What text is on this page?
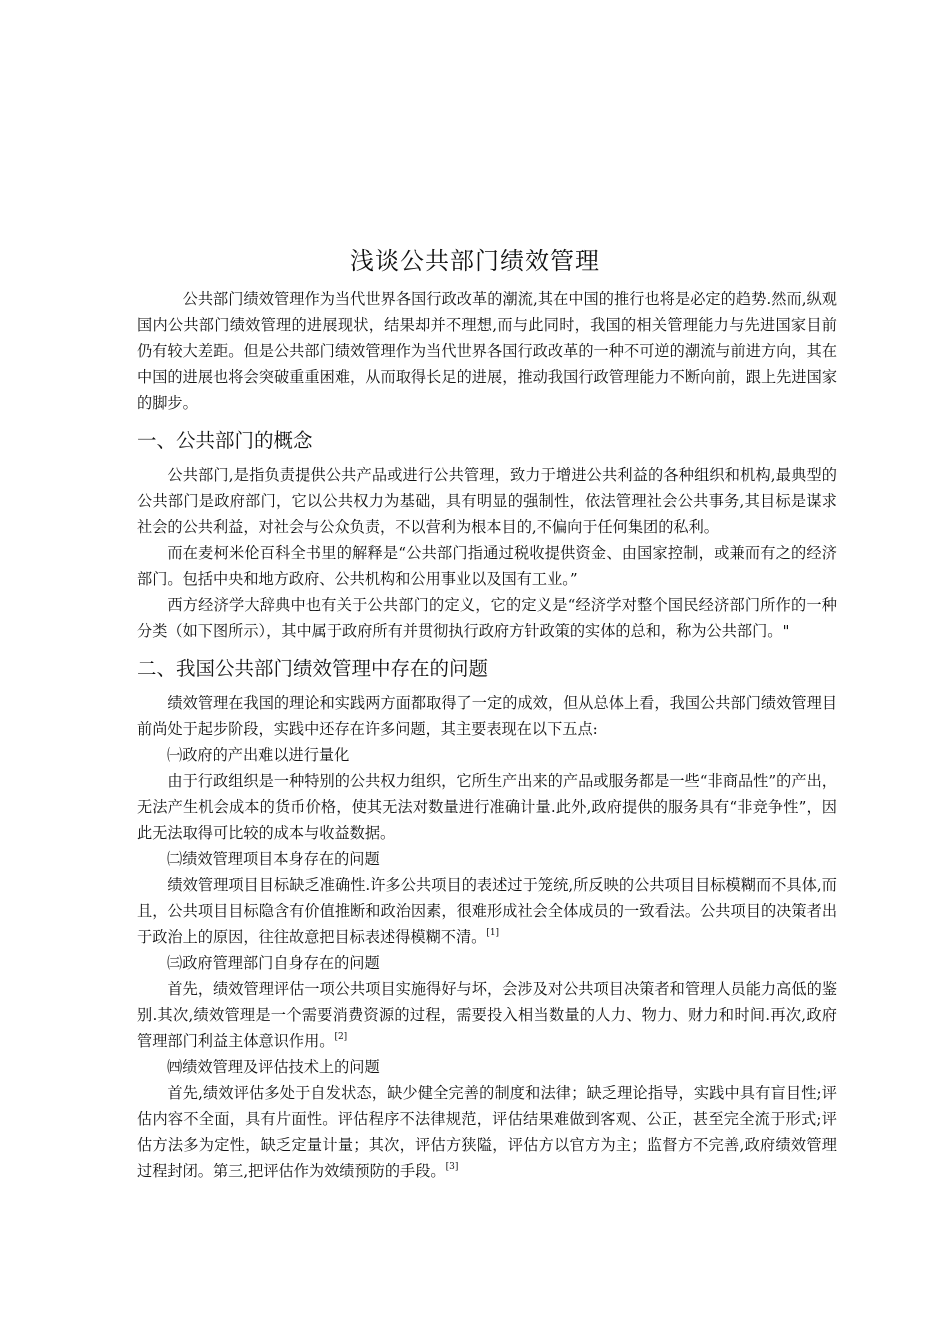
浅谈公共部门绩效管理

公共部门绩效管理作为当代世界各国行政改革的潮流,其在中国的推行也将是必定的趋势.然而,纵观国内公共部门绩效管理的进展现状，结果却并不理想,而与此同时，我国的相关管理能力与先进国家目前仍有较大差距。但是公共部门绩效管理作为当代世界各国行政改革的一种不可逆的潮流与前进方向，其在中国的进展也将会突破重重困难，从而取得长足的进展，推动我国行政管理能力不断向前，跟上先进国家的脚步。

一、公共部门的概念

公共部门,是指负责提供公共产品或进行公共管理，致力于增进公共利益的各种组织和机构,最典型的公共部门是政府部门，它以公共权力为基础，具有明显的强制性，依法管理社会公共事务,其目标是谋求社会的公共利益，对社会与公众负责，不以营利为根本目的,不偏向于任何集团的私利。

而在麦柯米伦百科全书里的解释是“公共部门指通过税收提供资金、由国家控制，或兼而有之的经济部门。包括中央和地方政府、公共机构和公用事业以及国有工业。”

西方经济学大辞典中也有关于公共部门的定义，它的定义是“经济学对整个国民经济部门所作的一种分类（如下图所示），其中属于政府所有并贯彻执行政府方针政策的实体的总和，称为公共部门。"

二、我国公共部门绩效管理中存在的问题

绩效管理在我国的理论和实践两方面都取得了一定的成效，但从总体上看，我国公共部门绩效管理目前尚处于起步阶段，实践中还存在许多问题，其主要表现在以下五点:

㈠政府的产出难以进行量化

由于行政组织是一种特别的公共权力组织，它所生产出来的产品或服务都是一些“非商品性”的产出，无法产生机会成本的货币价格，使其无法对数量进行准确计量.此外,政府提供的服务具有“非竞争性”，因此无法取得可比较的成本与收益数据。

㈡绩效管理项目本身存在的问题

绩效管理项目目标缺乏准确性.许多公共项目的表述过于笼统,所反映的公共项目目标模糊而不具体,而且，公共项目目标隐含有价值推断和政治因素，很难形成社会全体成员的一致看法。公共项目的决策者出于政治上的原因，往往故意把目标表述得模糊不清。[1]

㈢政府管理部门自身存在的问题

首先，绩效管理评估一项公共项目实施得好与坏，会涉及对公共项目决策者和管理人员能力高低的鉴别.其次,绩效管理是一个需要消费资源的过程，需要投入相当数量的人力、物力、财力和时间.再次,政府管理部门利益主体意识作用。[2]

㈣绩效管理及评估技术上的问题

首先,绩效评估多处于自发状态，缺少健全完善的制度和法律；缺乏理论指导，实践中具有盲目性;评估内容不全面，具有片面性。评估程序不法律规范，评估结果难做到客观、公正，甚至完全流于形式;评估方法多为定性，缺乏定量计量；其次，评估方狭隘，评估方以官方为主；监督方不完善,政府绩效管理过程封闭。第三,把评估作为效绩预防的手段。[3]
